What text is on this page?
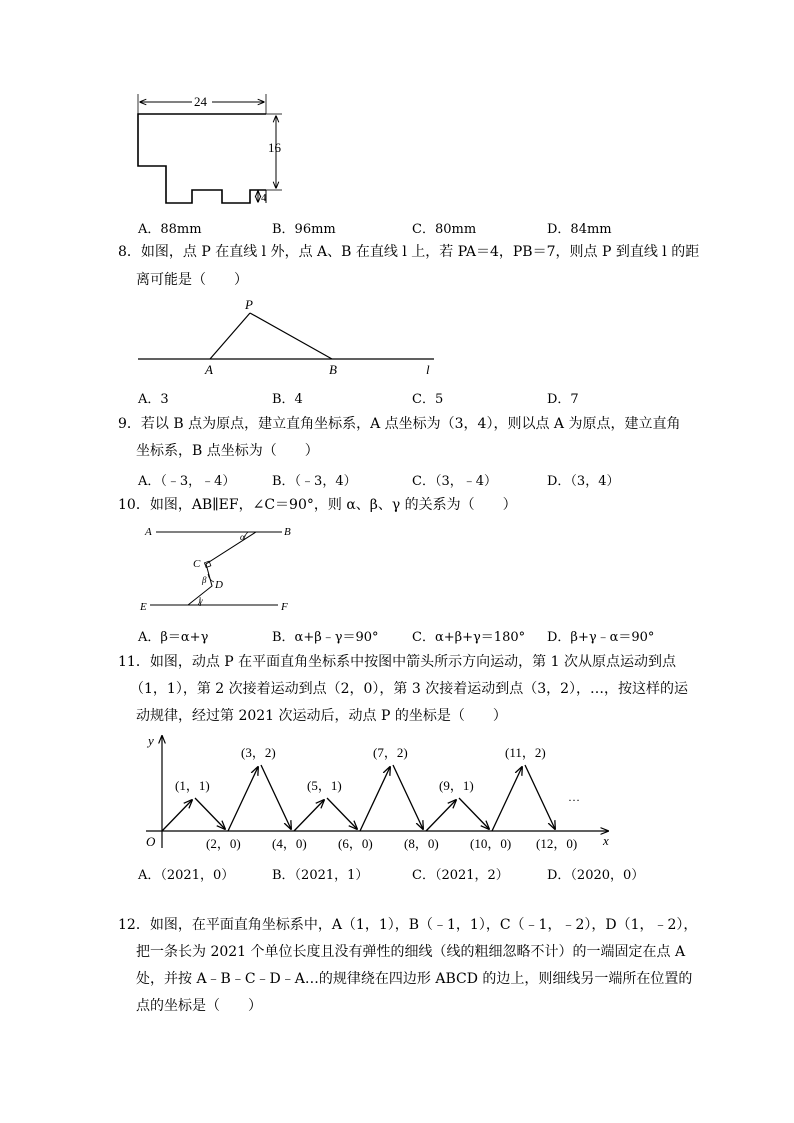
24
16
4
A．88mm	B．96mm	C．80mm	D．84mm
8．如图，点 P 在直线 l 外，点 A、B 在直线 l 上，若 PA＝4，PB＝7，则点 P 到直线 l 的距
离可能是（　　）
P
A	B	l
A．3	B．4	C．5	D．7
9．若以 B 点为原点，建立直角坐标系，A 点坐标为（3，4），则以点 A 为原点，建立直角
坐标系，B 点坐标为（　　）
A．（﹣3，﹣4）	B．（﹣3，4）	C．（3，﹣4）	D．（3，4）
10．如图，AB∥EF，∠C＝90°，则 α、β、γ 的关系为（　　）
A	B
C
D
E	F
α
β
γ
A．β＝α+γ	B．α+β﹣γ＝90°	C．α+β+γ＝180° D．β+γ﹣α＝90°
11．如图，动点 P 在平面直角坐标系中按图中箭头所示方向运动，第 1 次从原点运动到点
（1，1），第 2 次接着运动到点（2，0），第 3 次接着运动到点（3，2），…，按这样的运
动规律，经过第 2021 次运动后，动点 P 的坐标是（　　）
y
x
O
(1，1)
(3，2)
(5，1)
(7，2)
(9，1)
(11，2)
(2，0) (4，0) (6，0) (8，0) (10，0) (12，0)
…
A．（2021，0）	B．（2021，1）	C．（2021，2）	D．（2020，0）
12．如图，在平面直角坐标系中，A（1，1），B（﹣1，1），C（﹣1，﹣2），D（1，﹣2），
把一条长为 2021 个单位长度且没有弹性的细线（线的粗细忽略不计）的一端固定在点 A
处，并按 A﹣B﹣C﹣D﹣A…的规律绕在四边形 ABCD 的边上，则细线另一端所在位置的
点的坐标是（　　）
